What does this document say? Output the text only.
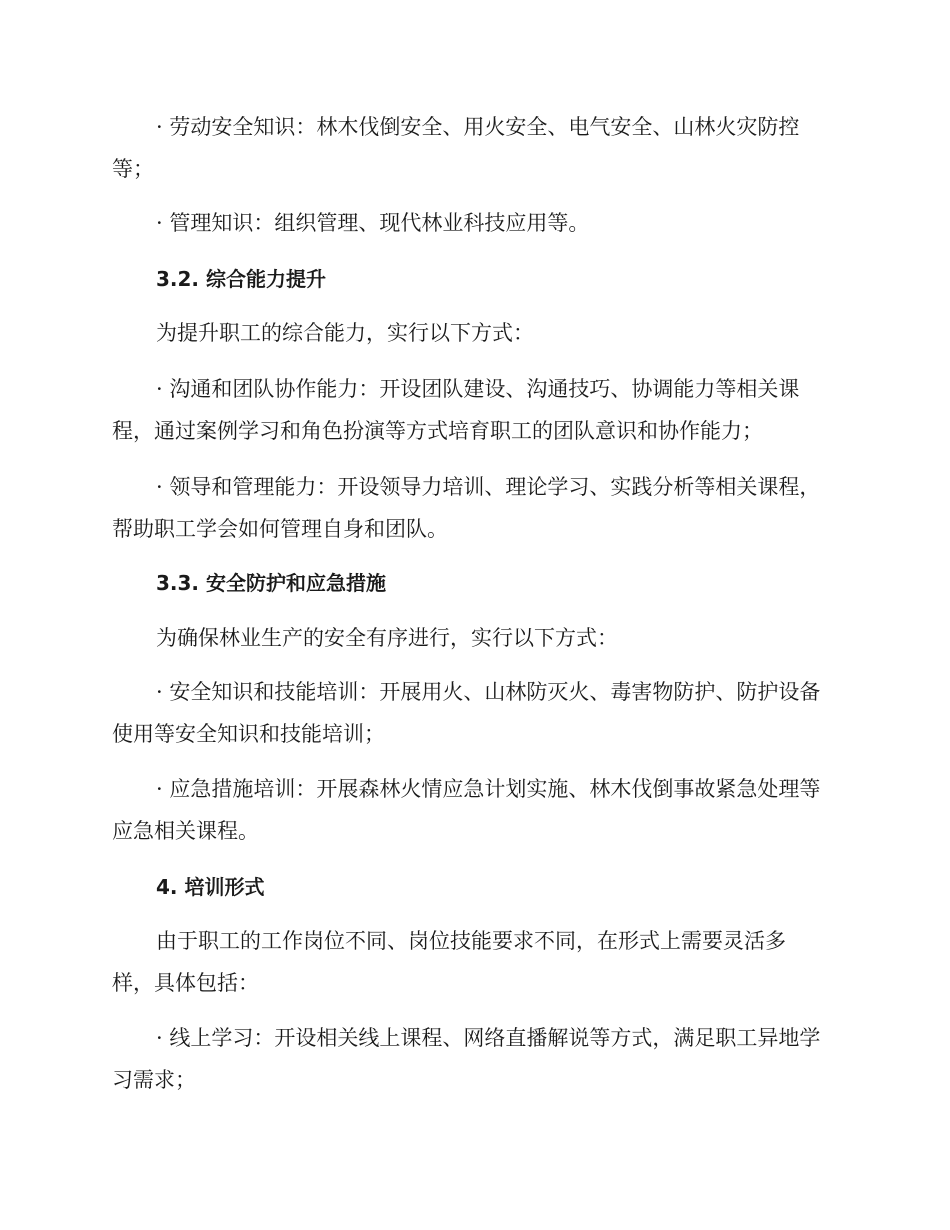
· 劳动安全知识：林木伐倒安全、用火安全、电气安全、山林火灾防控等；

· 管理知识：组织管理、现代林业科技应用等。

3.2. 综合能力提升

为提升职工的综合能力，实行以下方式：

· 沟通和团队协作能力：开设团队建设、沟通技巧、协调能力等相关课程，通过案例学习和角色扮演等方式培育职工的团队意识和协作能力；

· 领导和管理能力：开设领导力培训、理论学习、实践分析等相关课程，帮助职工学会如何管理自身和团队。

3.3. 安全防护和应急措施

为确保林业生产的安全有序进行，实行以下方式：

· 安全知识和技能培训：开展用火、山林防灭火、毒害物防护、防护设备使用等安全知识和技能培训；

· 应急措施培训：开展森林火情应急计划实施、林木伐倒事故紧急处理等应急相关课程。

4. 培训形式

由于职工的工作岗位不同、岗位技能要求不同，在形式上需要灵活多样，具体包括：

· 线上学习：开设相关线上课程、网络直播解说等方式，满足职工异地学习需求；
